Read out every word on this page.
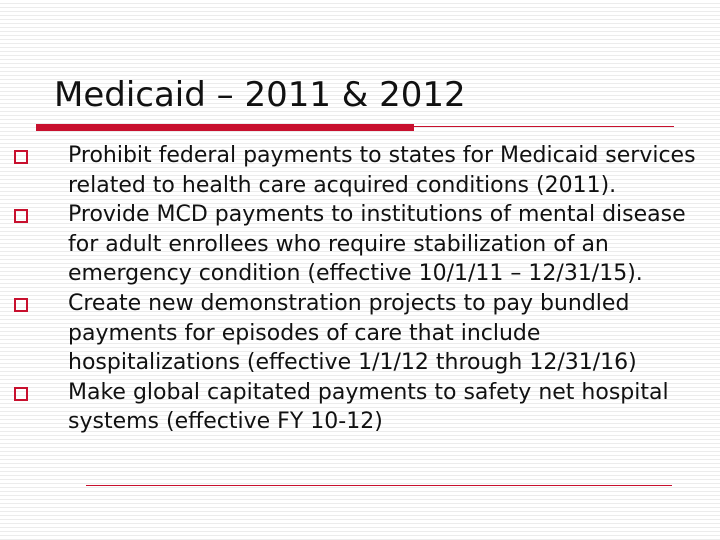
Medicaid – 2011 & 2012
Prohibit federal payments to states for Medicaid services related to health care acquired conditions (2011).
Provide MCD payments to institutions of mental disease for adult enrollees who require stabilization of an emergency condition (effective 10/1/11 – 12/31/15).
Create new demonstration projects to pay bundled payments for episodes of care that include hospitalizations (effective 1/1/12 through 12/31/16)
Make global capitated payments to safety net hospital systems (effective FY 10-12)
